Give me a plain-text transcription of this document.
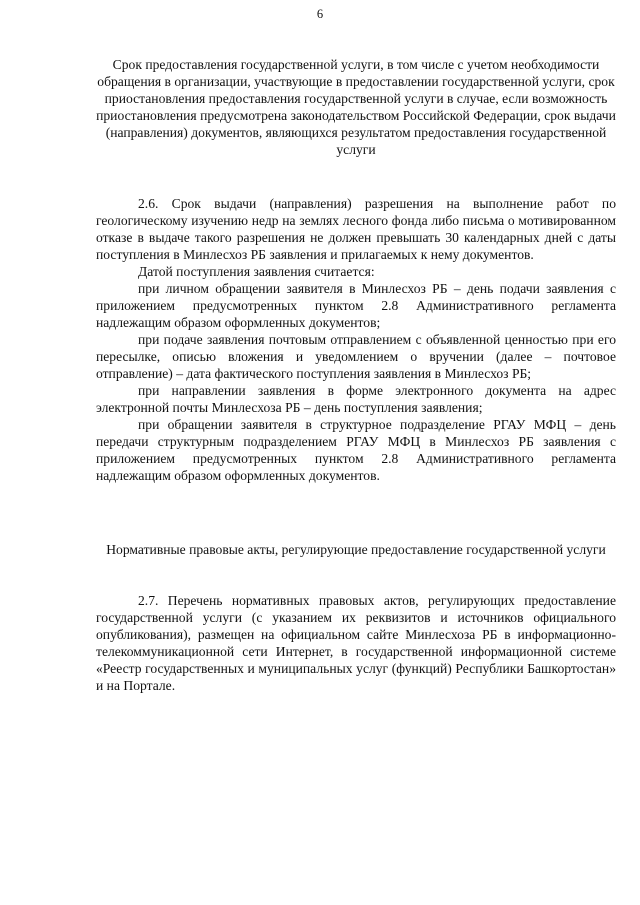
6
Срок предоставления государственной услуги, в том числе с учетом необходимости обращения в организации, участвующие в предоставлении государственной услуги, срок приостановления предоставления государственной услуги в случае, если возможность приостановления предусмотрена законодательством Российской Федерации, срок выдачи (направления) документов, являющихся результатом предоставления государственной услуги

2.6. Срок выдачи (направления) разрешения на выполнение работ по геологическому изучению недр на землях лесного фонда либо письма о мотивированном отказе в выдаче такого разрешения не должен превышать 30 календарных дней с даты поступления в Минлесхоз РБ заявления и прилагаемых к нему документов.

Датой поступления заявления считается:

при личном обращении заявителя в Минлесхоз РБ – день подачи заявления с приложением предусмотренных пунктом 2.8 Административного регламента надлежащим образом оформленных документов;

при подаче заявления почтовым отправлением с объявленной ценностью при его пересылке, описью вложения и уведомлением о вручении (далее – почтовое отправление) – дата фактического поступления заявления в Минлесхоз РБ;

при направлении заявления в форме электронного документа на адрес электронной почты Минлесхоза РБ – день поступления заявления;

при обращении заявителя в структурное подразделение РГАУ МФЦ – день передачи структурным подразделением РГАУ МФЦ в Минлесхоз РБ заявления с приложением предусмотренных пунктом 2.8 Административного регламента надлежащим образом оформленных документов.

Нормативные правовые акты, регулирующие предоставление государственной услуги

2.7. Перечень нормативных правовых актов, регулирующих предоставление государственной услуги (с указанием их реквизитов и источников официального опубликования), размещен на официальном сайте Минлесхоза РБ в информационно-телекоммуникационной сети Интернет, в государственной информационной системе «Реестр государственных и муниципальных услуг (функций) Республики Башкортостан» и на Портале.
